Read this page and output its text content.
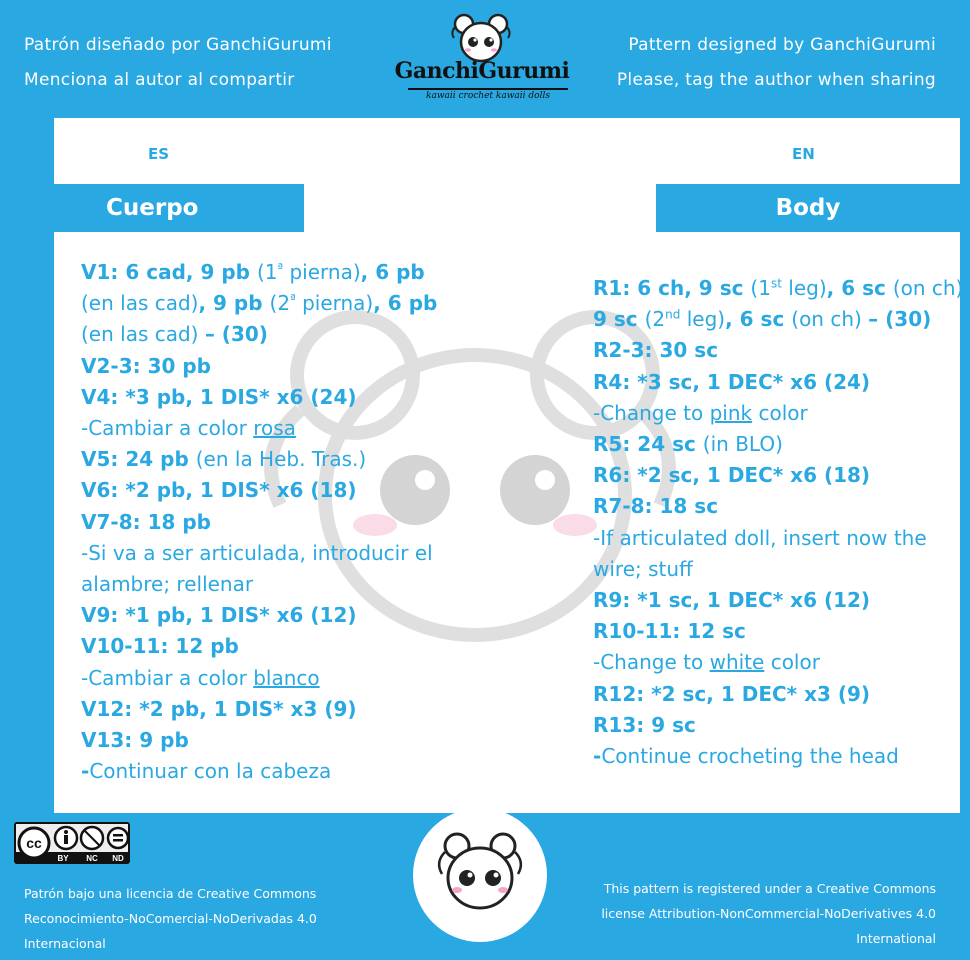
Patrón diseñado por GanchiGurumi
Menciona al autor al compartir
Pattern designed by GanchiGurumi
Please, tag the author when sharing
GanchiGurumi
kawaii crochet kawaii dolls
ES	EN
Cuerpo	Body
V1: 6 cad, 9 pb ($1^ª$ pierna), 6 pb
(en las cad), 9 pb ($2^ª$ pierna), 6 pb
(en las cad) – (30)
V2-3: 30 pb
V4: *3 pb, 1 DIS* x6 (24)
-Cambiar a color rosa
V5: 24 pb (en la Heb. Tras.)
V6: *2 pb, 1 DIS* x6 (18)
V7-8: 18 pb
-Si va a ser articulada, introducir el
alambre; rellenar
V9: *1 pb, 1 DIS* x6 (12)
V10-11: 12 pb
-Cambiar a color blanco
V12: *2 pb, 1 DIS* x3 (9)
V13: 9 pb
-Continuar con la cabeza
R1: 6 ch, 9 sc (1st leg), 6 sc (on ch),
9 sc (2nd leg), 6 sc (on ch) – (30)
R2-3: 30 sc
R4: *3 sc, 1 DEC* x6 (24)
-Change to pink color
R5: 24 sc (in BLO)
R6: *2 sc, 1 DEC* x6 (18)
R7-8: 18 sc
-If articulated doll, insert now the
wire; stuff
R9: *1 sc, 1 DEC* x6 (12)
R10-11: 12 sc
-Change to white color
R12: *2 sc, 1 DEC* x3 (9)
R13: 9 sc
-Continue crocheting the head
cc
BY NC ND
Patrón bajo una licencia de Creative Commons
Reconocimiento-NoComercial-NoDerivadas 4.0
Internacional
This pattern is registered under a Creative Commons
license Attribution-NonCommercial-NoDerivatives 4.0
International
